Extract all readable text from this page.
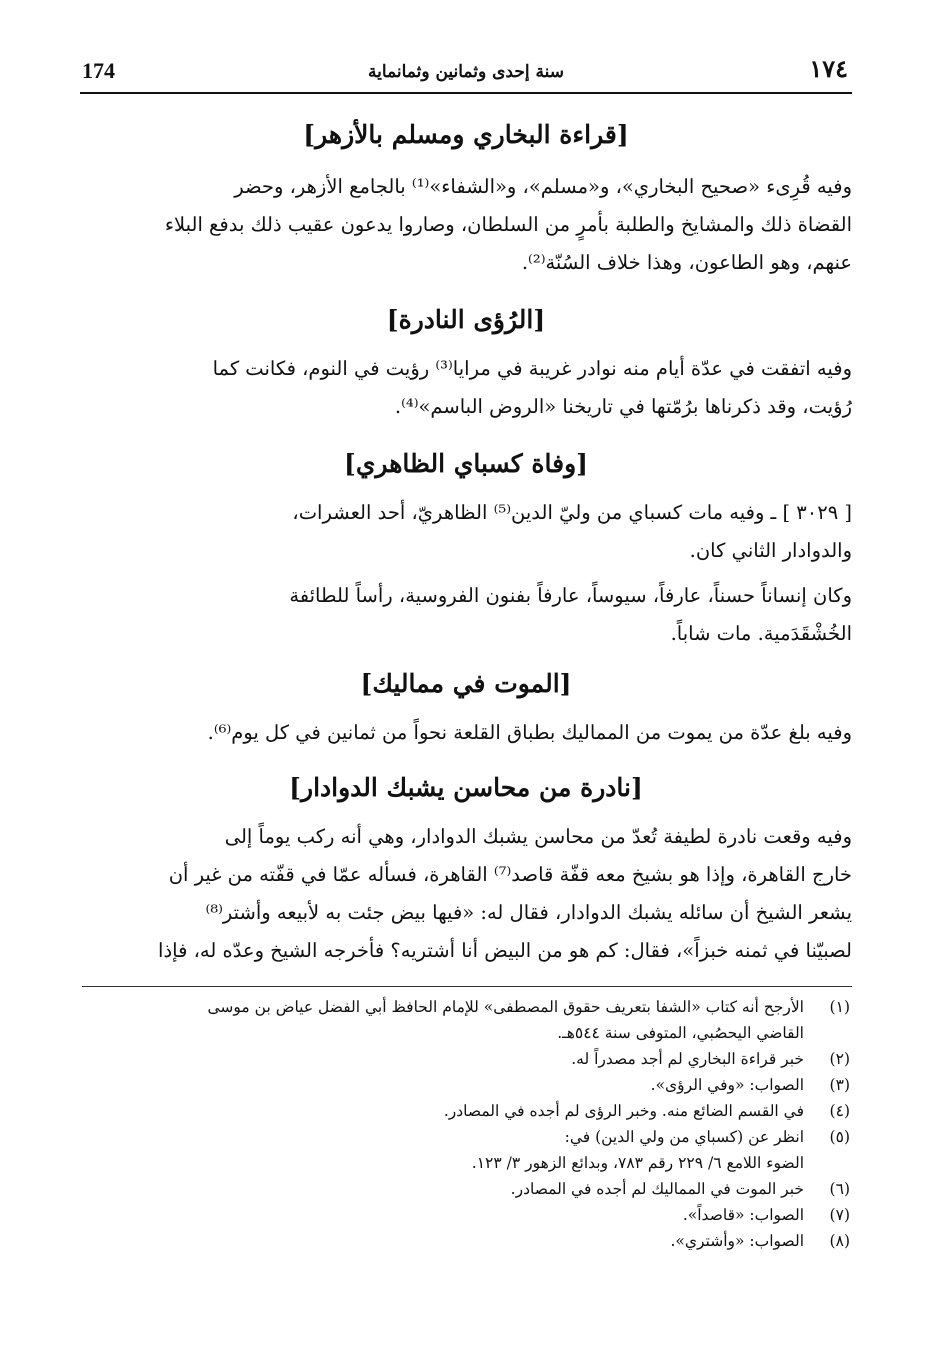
174	سنة إحدى وثمانين وثمانماية	١٧٤
[قراءة البخاري ومسلم بالأزهر]
وفيه قُرِىء «صحيح البخاري»، و«مسلم»، و«الشفاء»⁽¹⁾ بالجامع الأزهر، وحضر
القضاة ذلك والمشايخ والطلبة بأمرٍ من السلطان، وصاروا يدعون عقيب ذلك بدفع البلاء
عنهم، وهو الطاعون، وهذا خلاف السُنّة⁽²⁾.
[الرُؤى النادرة]
وفيه اتفقت في عدّة أيام منه نوادر غريبة في مرايا⁽³⁾ رؤيت في النوم، فكانت كما
رُؤيت، وقد ذكرناها برُمّتها في تاريخنا «الروض الباسم»⁽⁴⁾.
[وفاة كسباي الظاهري]
[ ٣٠٢٩ ] ـ وفيه مات كسباي من وليّ الدين⁽⁵⁾ الظاهريّ، أحد العشرات،
والدوادار الثاني كان.
وكان إنساناً حسناً، عارفاً، سيوساً، عارفاً بفنون الفروسية، رأساً للطائفة
الخُشْقَدَمية. مات شاباً.
[الموت في مماليك]
وفيه بلغ عدّة من يموت من المماليك بطباق القلعة نحواً من ثمانين في كل يوم⁽⁶⁾.
[نادرة من محاسن يشبك الدوادار]
وفيه وقعت نادرة لطيفة تُعدّ من محاسن يشبك الدوادار، وهي أنه ركب يوماً إلى
خارج القاهرة، وإذا هو بشيخ معه قفّة قاصد⁽⁷⁾ القاهرة، فسأله عمّا في قفّته من غير أن
يشعر الشيخ أن سائله يشبك الدوادار، فقال له: «فيها بيض جئت به لأبيعه وأشتر⁽⁸⁾
لصبيّنا في ثمنه خبزاً»، فقال: كم هو من البيض أنا أشتريه؟ فأخرجه الشيخ وعدّه له، فإذا
(١)
الأرجح أنه كتاب «الشفا بتعريف حقوق المصطفى» للإمام الحافظ أبي الفضل عياض بن موسى
القاضي اليحصُبي، المتوفى سنة ٥٤٤هـ.
(٢)
خبر قراءة البخاري لم أجد مصدراً له.
(٣)
الصواب: «وفي الرؤى».
(٤)
في القسم الضائع منه. وخبر الرؤى لم أجده في المصادر.
(٥)
انظر عن (كسباي من ولي الدين) في:
الضوء اللامع ٦/ ٢٢٩ رقم ٧٨٣، وبدائع الزهور ٣/ ١٢٣.
(٦)
خبر الموت في المماليك لم أجده في المصادر.
(٧)
الصواب: «قاصداً».
(٨)
الصواب: «وأشتري».
